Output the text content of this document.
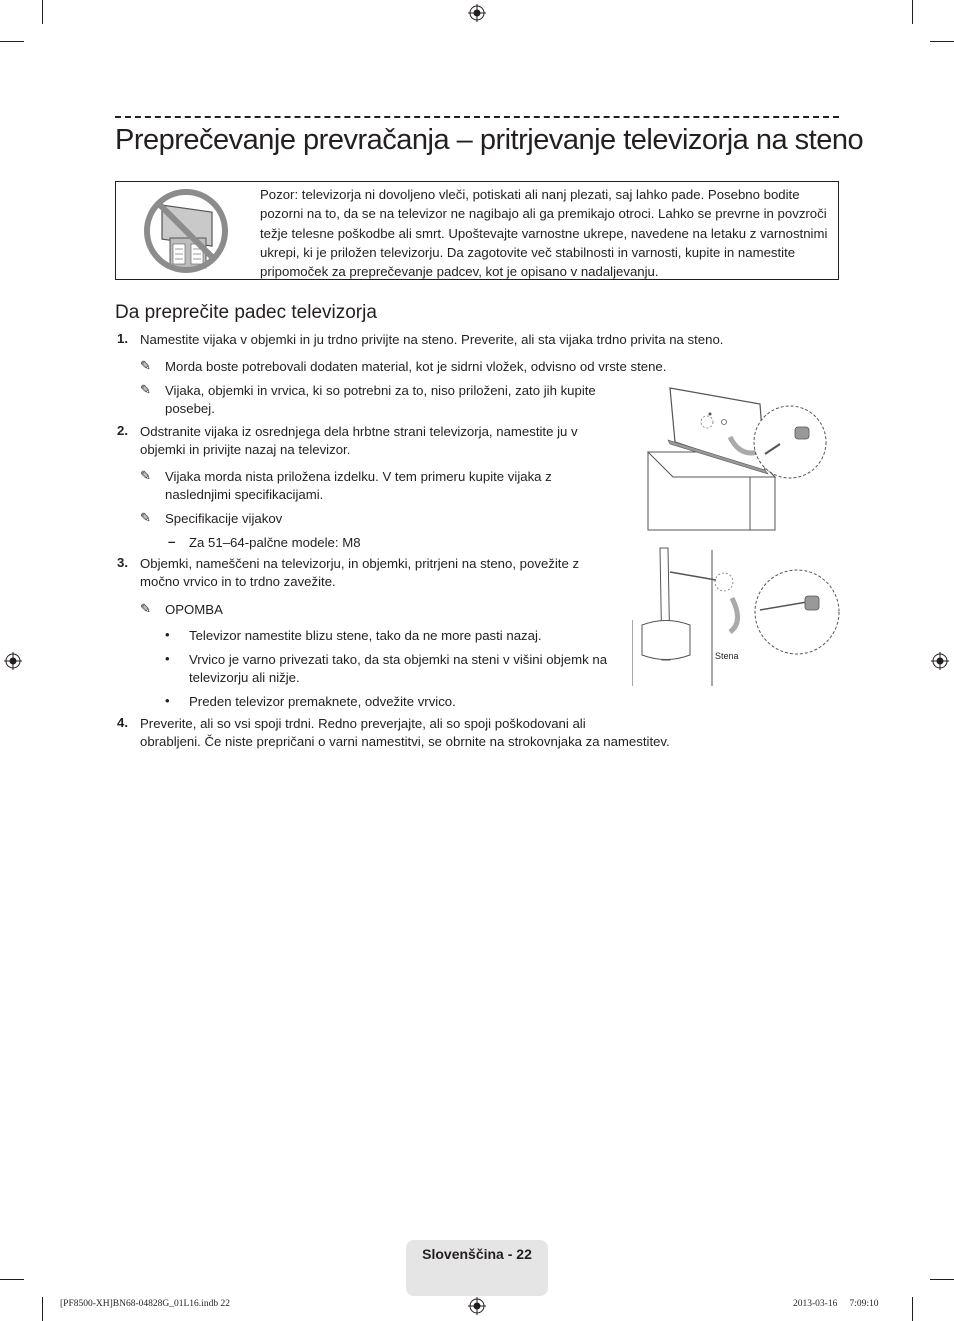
Preprečevanje prevračanja – pritrjevanje televizorja na steno

Pozor: televizorja ni dovoljeno vleči, potiskati ali nanj plezati, saj lahko pade. Posebno bodite pozorni na to, da se na televizor ne nagibajo ali ga premikajo otroci. Lahko se prevrne in povzroči težje telesne poškodbe ali smrt. Upoštevajte varnostne ukrepe, navedene na letaku z varnostnimi ukrepi, ki je priložen televizorju. Da zagotovite več stabilnosti in varnosti, kupite in namestite pripomoček za preprečevanje padcev, kot je opisano v nadaljevanju.

Da preprečite padec televizorja
1. Namestite vijaka v objemki in ju trdno privijte na steno. Preverite, ali sta vijaka trdno privita na steno.
✎ Morda boste potrebovali dodaten material, kot je sidrni vložek, odvisno od vrste stene.
✎ Vijaka, objemki in vrvica, ki so potrebni za to, niso priloženi, zato jih kupite
posebej.
2. Odstranite vijaka iz osrednjega dela hrbtne strani televizorja, namestite ju v
objemki in privijte nazaj na televizor.
✎ Vijaka morda nista priložena izdelku. V tem primeru kupite vijaka z
naslednjimi specifikacijami.
✎ Specifikacije vijakov
– Za 51–64-palčne modele: M8
3. Objemki, nameščeni na televizorju, in objemki, pritrjeni na steno, povežite z
močno vrvico in to trdno zavežite.
✎ OPOMBA
• Televizor namestite blizu stene, tako da ne more pasti nazaj.
• Vrvico je varno privezati tako, da sta objemki na steni v višini objemk na
televizorju ali nižje.
• Preden televizor premaknete, odvežite vrvico.
4. Preverite, ali so vsi spoji trdni. Redno preverjajte, ali so spoji poškodovani ali
obrabljeni. Če niste prepričani o varni namestitvi, se obrnite na strokovnjaka za namestitev.
Stena
Slovenščina - 22
[PF8500-XH]BN68-04828G_01L16.indb 22	2013-03-16 ￿ 7:09:10
